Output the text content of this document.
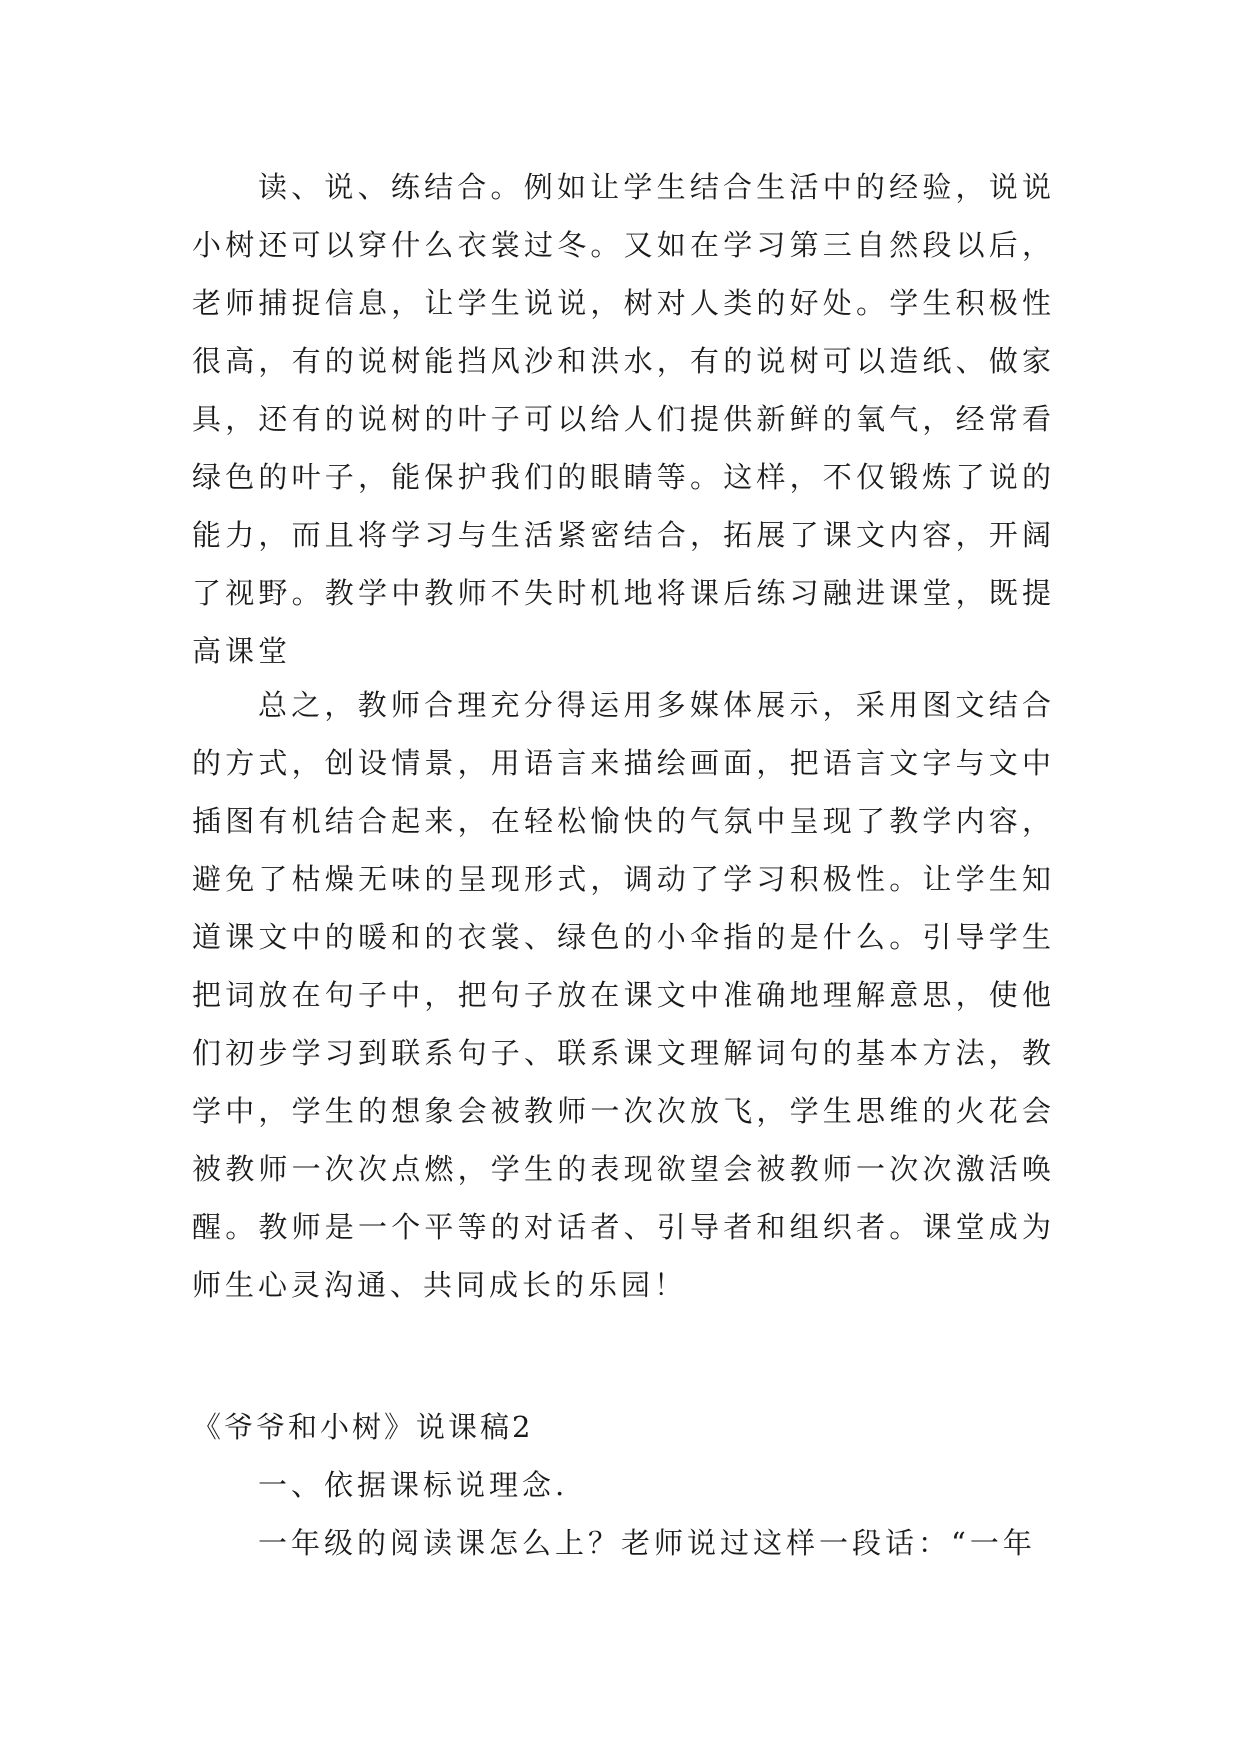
读、说、练结合。例如让学生结合生活中的经验，说说小树还可以穿什么衣裳过冬。又如在学习第三自然段以后，老师捕捉信息，让学生说说，树对人类的好处。学生积极性很高，有的说树能挡风沙和洪水，有的说树可以造纸、做家具，还有的说树的叶子可以给人们提供新鲜的氧气，经常看绿色的叶子，能保护我们的眼睛等。这样，不仅锻炼了说的能力，而且将学习与生活紧密结合，拓展了课文内容，开阔了视野。教学中教师不失时机地将课后练习融进课堂，既提高课堂

总之，教师合理充分得运用多媒体展示，采用图文结合的方式，创设情景，用语言来描绘画面，把语言文字与文中插图有机结合起来，在轻松愉快的气氛中呈现了教学内容，避免了枯燥无味的呈现形式，调动了学习积极性。让学生知道课文中的暖和的衣裳、绿色的小伞指的是什么。引导学生把词放在句子中，把句子放在课文中准确地理解意思，使他们初步学习到联系句子、联系课文理解词句的基本方法，教学中，学生的想象会被教师一次次放飞，学生思维的火花会被教师一次次点燃，学生的表现欲望会被教师一次次激活唤醒。教师是一个平等的对话者、引导者和组织者。课堂成为师生心灵沟通、共同成长的乐园！

《爷爷和小树》说课稿2

一、依据课标说理念.

一年级的阅读课怎么上？老师说过这样一段话：“一年
